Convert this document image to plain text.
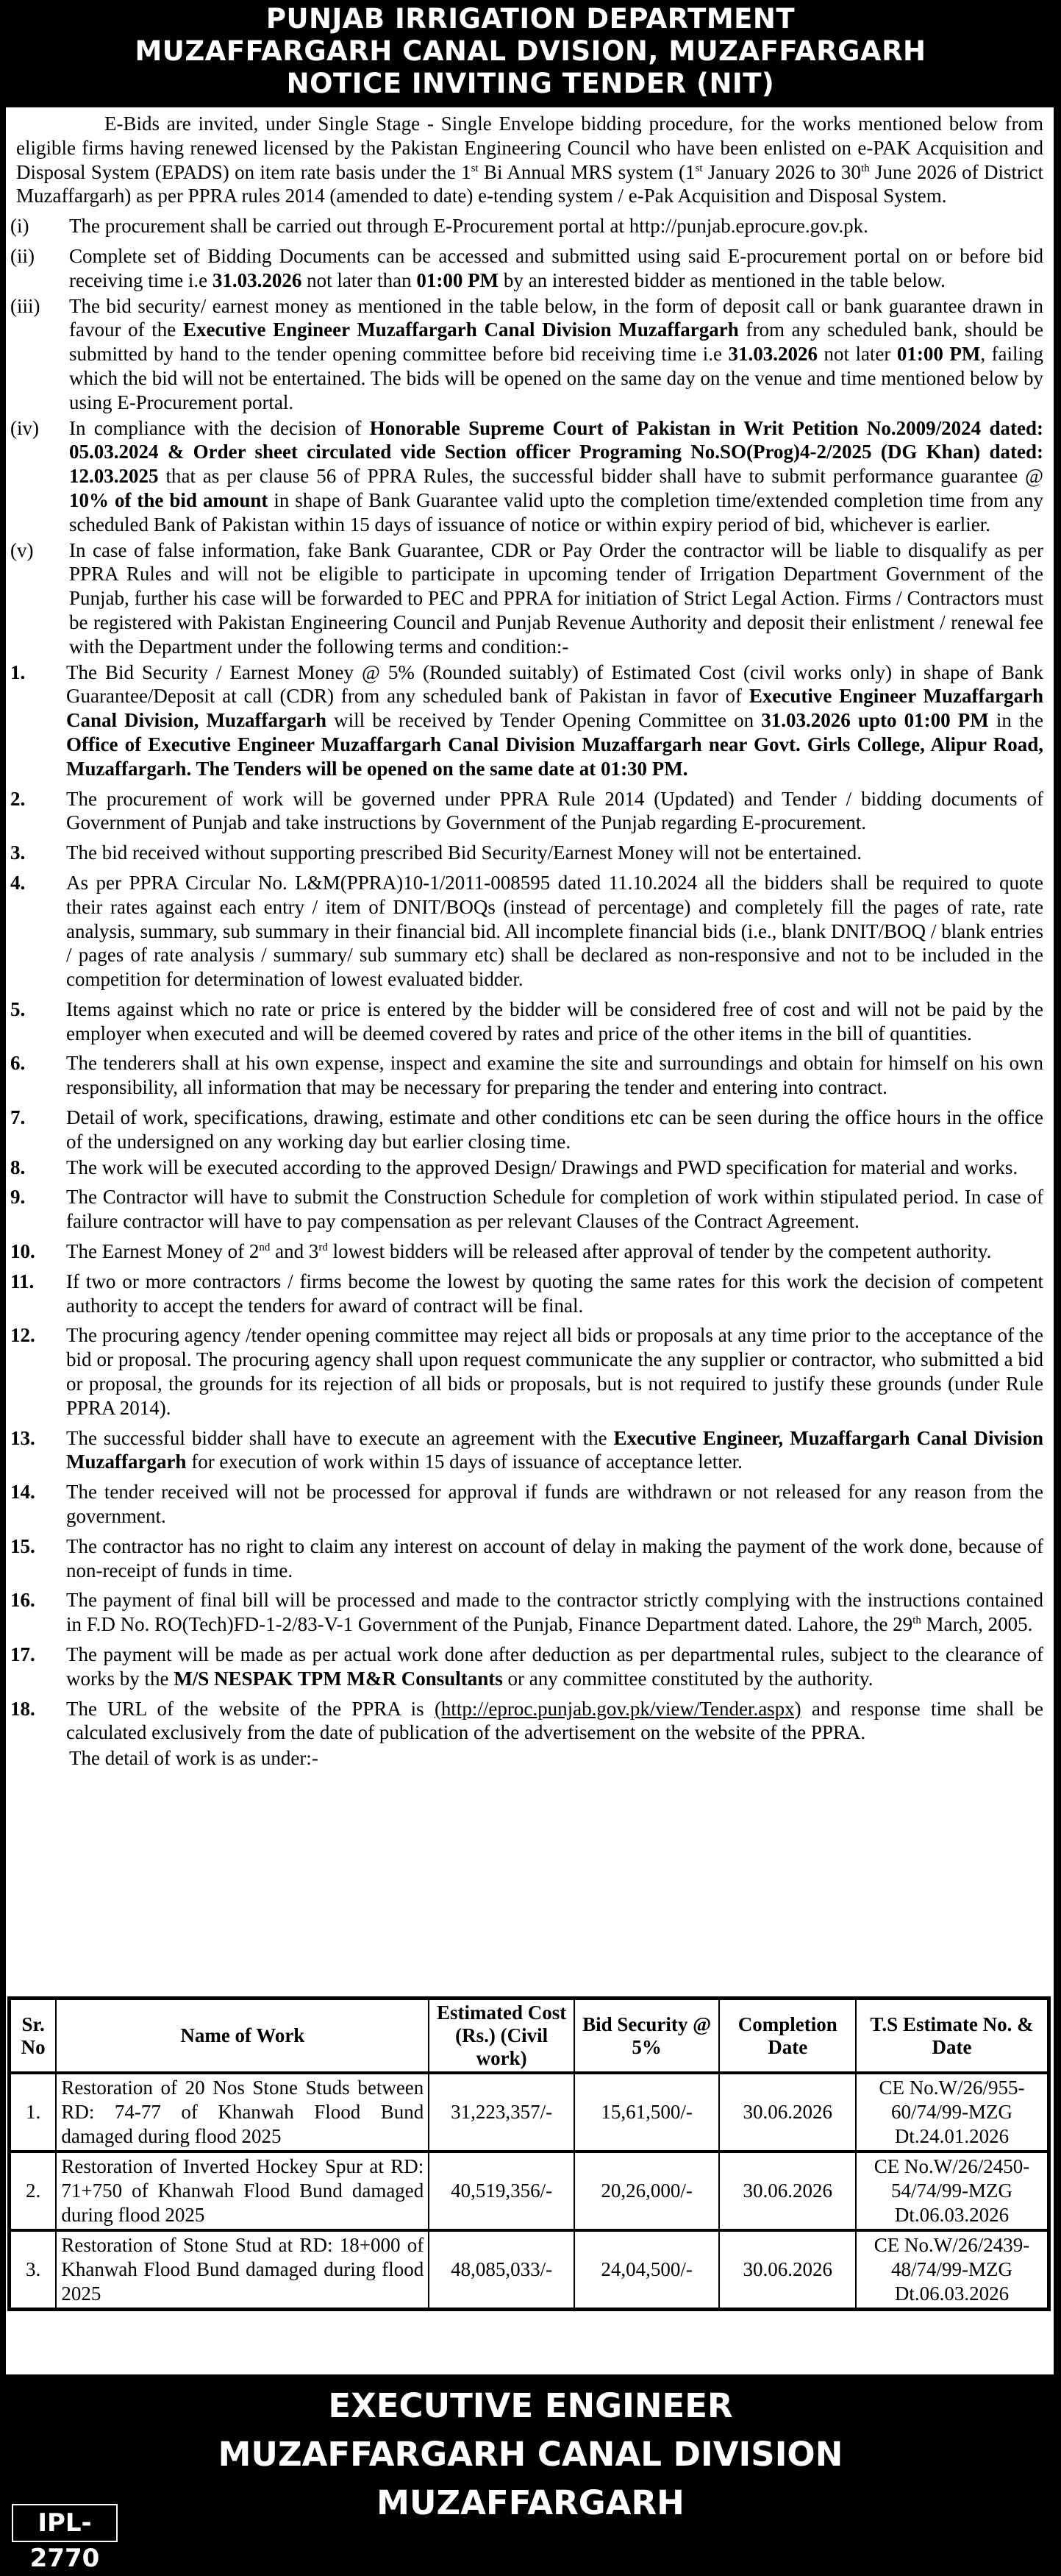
PUNJAB IRRIGATION DEPARTMENT
MUZAFFARGARH CANAL DVISION, MUZAFFARGARH
NOTICE INVITING TENDER (NIT)
E-Bids are invited, under Single Stage - Single Envelope bidding procedure, for the works mentioned below from eligible firms having renewed licensed by the Pakistan Engineering Council who have been enlisted on e-PAK Acquisition and Disposal System (EPADS) on item rate basis under the 1st Bi Annual MRS system (1st January 2026 to 30th June 2026 of District Muzaffargarh) as per PPRA rules 2014 (amended to date) e-tending system / e-Pak Acquisition and Disposal System.
(i)	The procurement shall be carried out through E-Procurement portal at http://punjab.eprocure.gov.pk.
(ii)	Complete set of Bidding Documents can be accessed and submitted using said E-procurement portal on or before bid receiving time i.e 31.03.2026 not later than 01:00 PM by an interested bidder as mentioned in the table below.
(iii)	The bid security/ earnest money as mentioned in the table below, in the form of deposit call or bank guarantee drawn in favour of the Executive Engineer Muzaffargarh Canal Division Muzaffargarh from any scheduled bank, should be submitted by hand to the tender opening committee before bid receiving time i.e 31.03.2026 not later 01:00 PM, failing which the bid will not be entertained. The bids will be opened on the same day on the venue and time mentioned below by using E-Procurement portal.
(iv)	In compliance with the decision of Honorable Supreme Court of Pakistan in Writ Petition No.2009/2024 dated: 05.03.2024 & Order sheet circulated vide Section officer Programing No.SO(Prog)4-2/2025 (DG Khan) dated: 12.03.2025 that as per clause 56 of PPRA Rules, the successful bidder shall have to submit performance guarantee @ 10% of the bid amount in shape of Bank Guarantee valid upto the completion time/extended completion time from any scheduled Bank of Pakistan within 15 days of issuance of notice or within expiry period of bid, whichever is earlier.
(v)	In case of false information, fake Bank Guarantee, CDR or Pay Order the contractor will be liable to disqualify as per PPRA Rules and will not be eligible to participate in upcoming tender of Irrigation Department Government of the Punjab, further his case will be forwarded to PEC and PPRA for initiation of Strict Legal Action. Firms / Contractors must be registered with Pakistan Engineering Council and Punjab Revenue Authority and deposit their enlistment / renewal fee with the Department under the following terms and condition:-
1.	The Bid Security / Earnest Money @ 5% (Rounded suitably) of Estimated Cost (civil works only) in shape of Bank Guarantee/Deposit at call (CDR) from any scheduled bank of Pakistan in favor of Executive Engineer Muzaffargarh Canal Division, Muzaffargarh will be received by Tender Opening Committee on 31.03.2026 upto 01:00 PM in the Office of Executive Engineer Muzaffargarh Canal Division Muzaffargarh near Govt. Girls College, Alipur Road, Muzaffargarh. The Tenders will be opened on the same date at 01:30 PM.
2.	The procurement of work will be governed under PPRA Rule 2014 (Updated) and Tender / bidding documents of Government of Punjab and take instructions by Government of the Punjab regarding E-procurement.
3.	The bid received without supporting prescribed Bid Security/Earnest Money will not be entertained.
4.	As per PPRA Circular No. L&M(PPRA)10-1/2011-008595 dated 11.10.2024 all the bidders shall be required to quote their rates against each entry / item of DNIT/BOQs (instead of percentage) and completely fill the pages of rate, rate analysis, summary, sub summary in their financial bid. All incomplete financial bids (i.e., blank DNIT/BOQ / blank entries / pages of rate analysis / summary/ sub summary etc) shall be declared as non-responsive and not to be included in the competition for determination of lowest evaluated bidder.
5.	Items against which no rate or price is entered by the bidder will be considered free of cost and will not be paid by the employer when executed and will be deemed covered by rates and price of the other items in the bill of quantities.
6.	The tenderers shall at his own expense, inspect and examine the site and surroundings and obtain for himself on his own responsibility, all information that may be necessary for preparing the tender and entering into contract.
7.	Detail of work, specifications, drawing, estimate and other conditions etc can be seen during the office hours in the office of the undersigned on any working day but earlier closing time.
8.	The work will be executed according to the approved Design/ Drawings and PWD specification for material and works.
9.	The Contractor will have to submit the Construction Schedule for completion of work within stipulated period. In case of failure contractor will have to pay compensation as per relevant Clauses of the Contract Agreement.
10.	The Earnest Money of 2nd and 3rd lowest bidders will be released after approval of tender by the competent authority.
11.	If two or more contractors / firms become the lowest by quoting the same rates for this work the decision of competent authority to accept the tenders for award of contract will be final.
12.	The procuring agency /tender opening committee may reject all bids or proposals at any time prior to the acceptance of the bid or proposal. The procuring agency shall upon request communicate the any supplier or contractor, who submitted a bid or proposal, the grounds for its rejection of all bids or proposals, but is not required to justify these grounds (under Rule PPRA 2014).
13.	The successful bidder shall have to execute an agreement with the Executive Engineer, Muzaffargarh Canal Division Muzaffargarh for execution of work within 15 days of issuance of acceptance letter.
14.	The tender received will not be processed for approval if funds are withdrawn or not released for any reason from the government.
15.	The contractor has no right to claim any interest on account of delay in making the payment of the work done, because of non-receipt of funds in time.
16.	The payment of final bill will be processed and made to the contractor strictly complying with the instructions contained in F.D No. RO(Tech)FD-1-2/83-V-1 Government of the Punjab, Finance Department dated. Lahore, the 29th March, 2005.
17.	The payment will be made as per actual work done after deduction as per departmental rules, subject to the clearance of works by the M/S NESPAK TPM M&R Consultants or any committee constituted by the authority.
18.	The URL of the website of the PPRA is (http://eproc.punjab.gov.pk/view/Tender.aspx) and response time shall be calculated exclusively from the date of publication of the advertisement on the website of the PPRA.
The detail of work is as under:-
Sr. No	Name of Work	Estimated Cost (Rs.) (Civil work)	Bid Security @ 5%	Completion Date	T.S Estimate No. & Date
1.	Restoration of 20 Nos Stone Studs between RD: 74-77 of Khanwah Flood Bund damaged during flood 2025	31,223,357/-	15,61,500/-	30.06.2026	CE No.W/26/955-60/74/99-MZG Dt.24.01.2026
2.	Restoration of Inverted Hockey Spur at RD: 71+750 of Khanwah Flood Bund damaged during flood 2025	40,519,356/-	20,26,000/-	30.06.2026	CE No.W/26/2450-54/74/99-MZG Dt.06.03.2026
3.	Restoration of Stone Stud at RD: 18+000 of Khanwah Flood Bund damaged during flood 2025	48,085,033/-	24,04,500/-	30.06.2026	CE No.W/26/2439-48/74/99-MZG Dt.06.03.2026
EXECUTIVE ENGINEER
MUZAFFARGARH CANAL DIVISION
MUZAFFARGARH
IPL-2770
